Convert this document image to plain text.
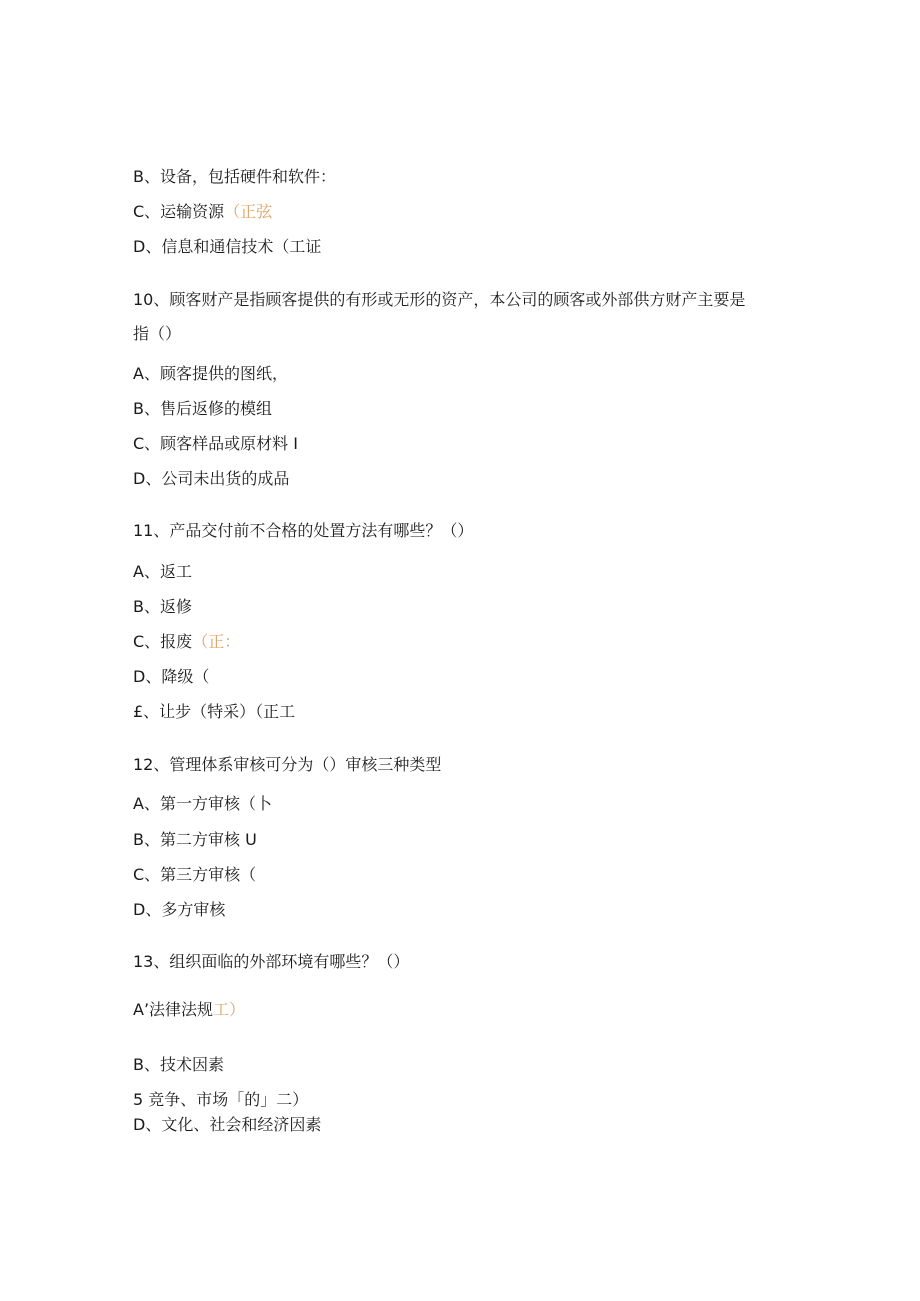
B、设备，包括硬件和软件：
C、运输资源（正弦
D、信息和通信技术（工证
10、顾客财产是指顾客提供的有形或无形的资产，本公司的顾客或外部供方财产主要是
指（）
A、顾客提供的图纸，
B、售后返修的模组
C、顾客样品或原材料 I
D、公司未出货的成品
11、产品交付前不合格的处置方法有哪些？（）
A、返工
B、返修
C、报废（正：
D、降级（
£、让步（特采）（正工
12、管理体系审核可分为（）审核三种类型
A、第一方审核（卜
B、第二方审核 U
C、第三方审核（
D、多方审核
13、组织面临的外部环境有哪些？（）
A’法律法规工）
B、技术因素
5 竞争、市场「的」二）
D、文化、社会和经济因素
